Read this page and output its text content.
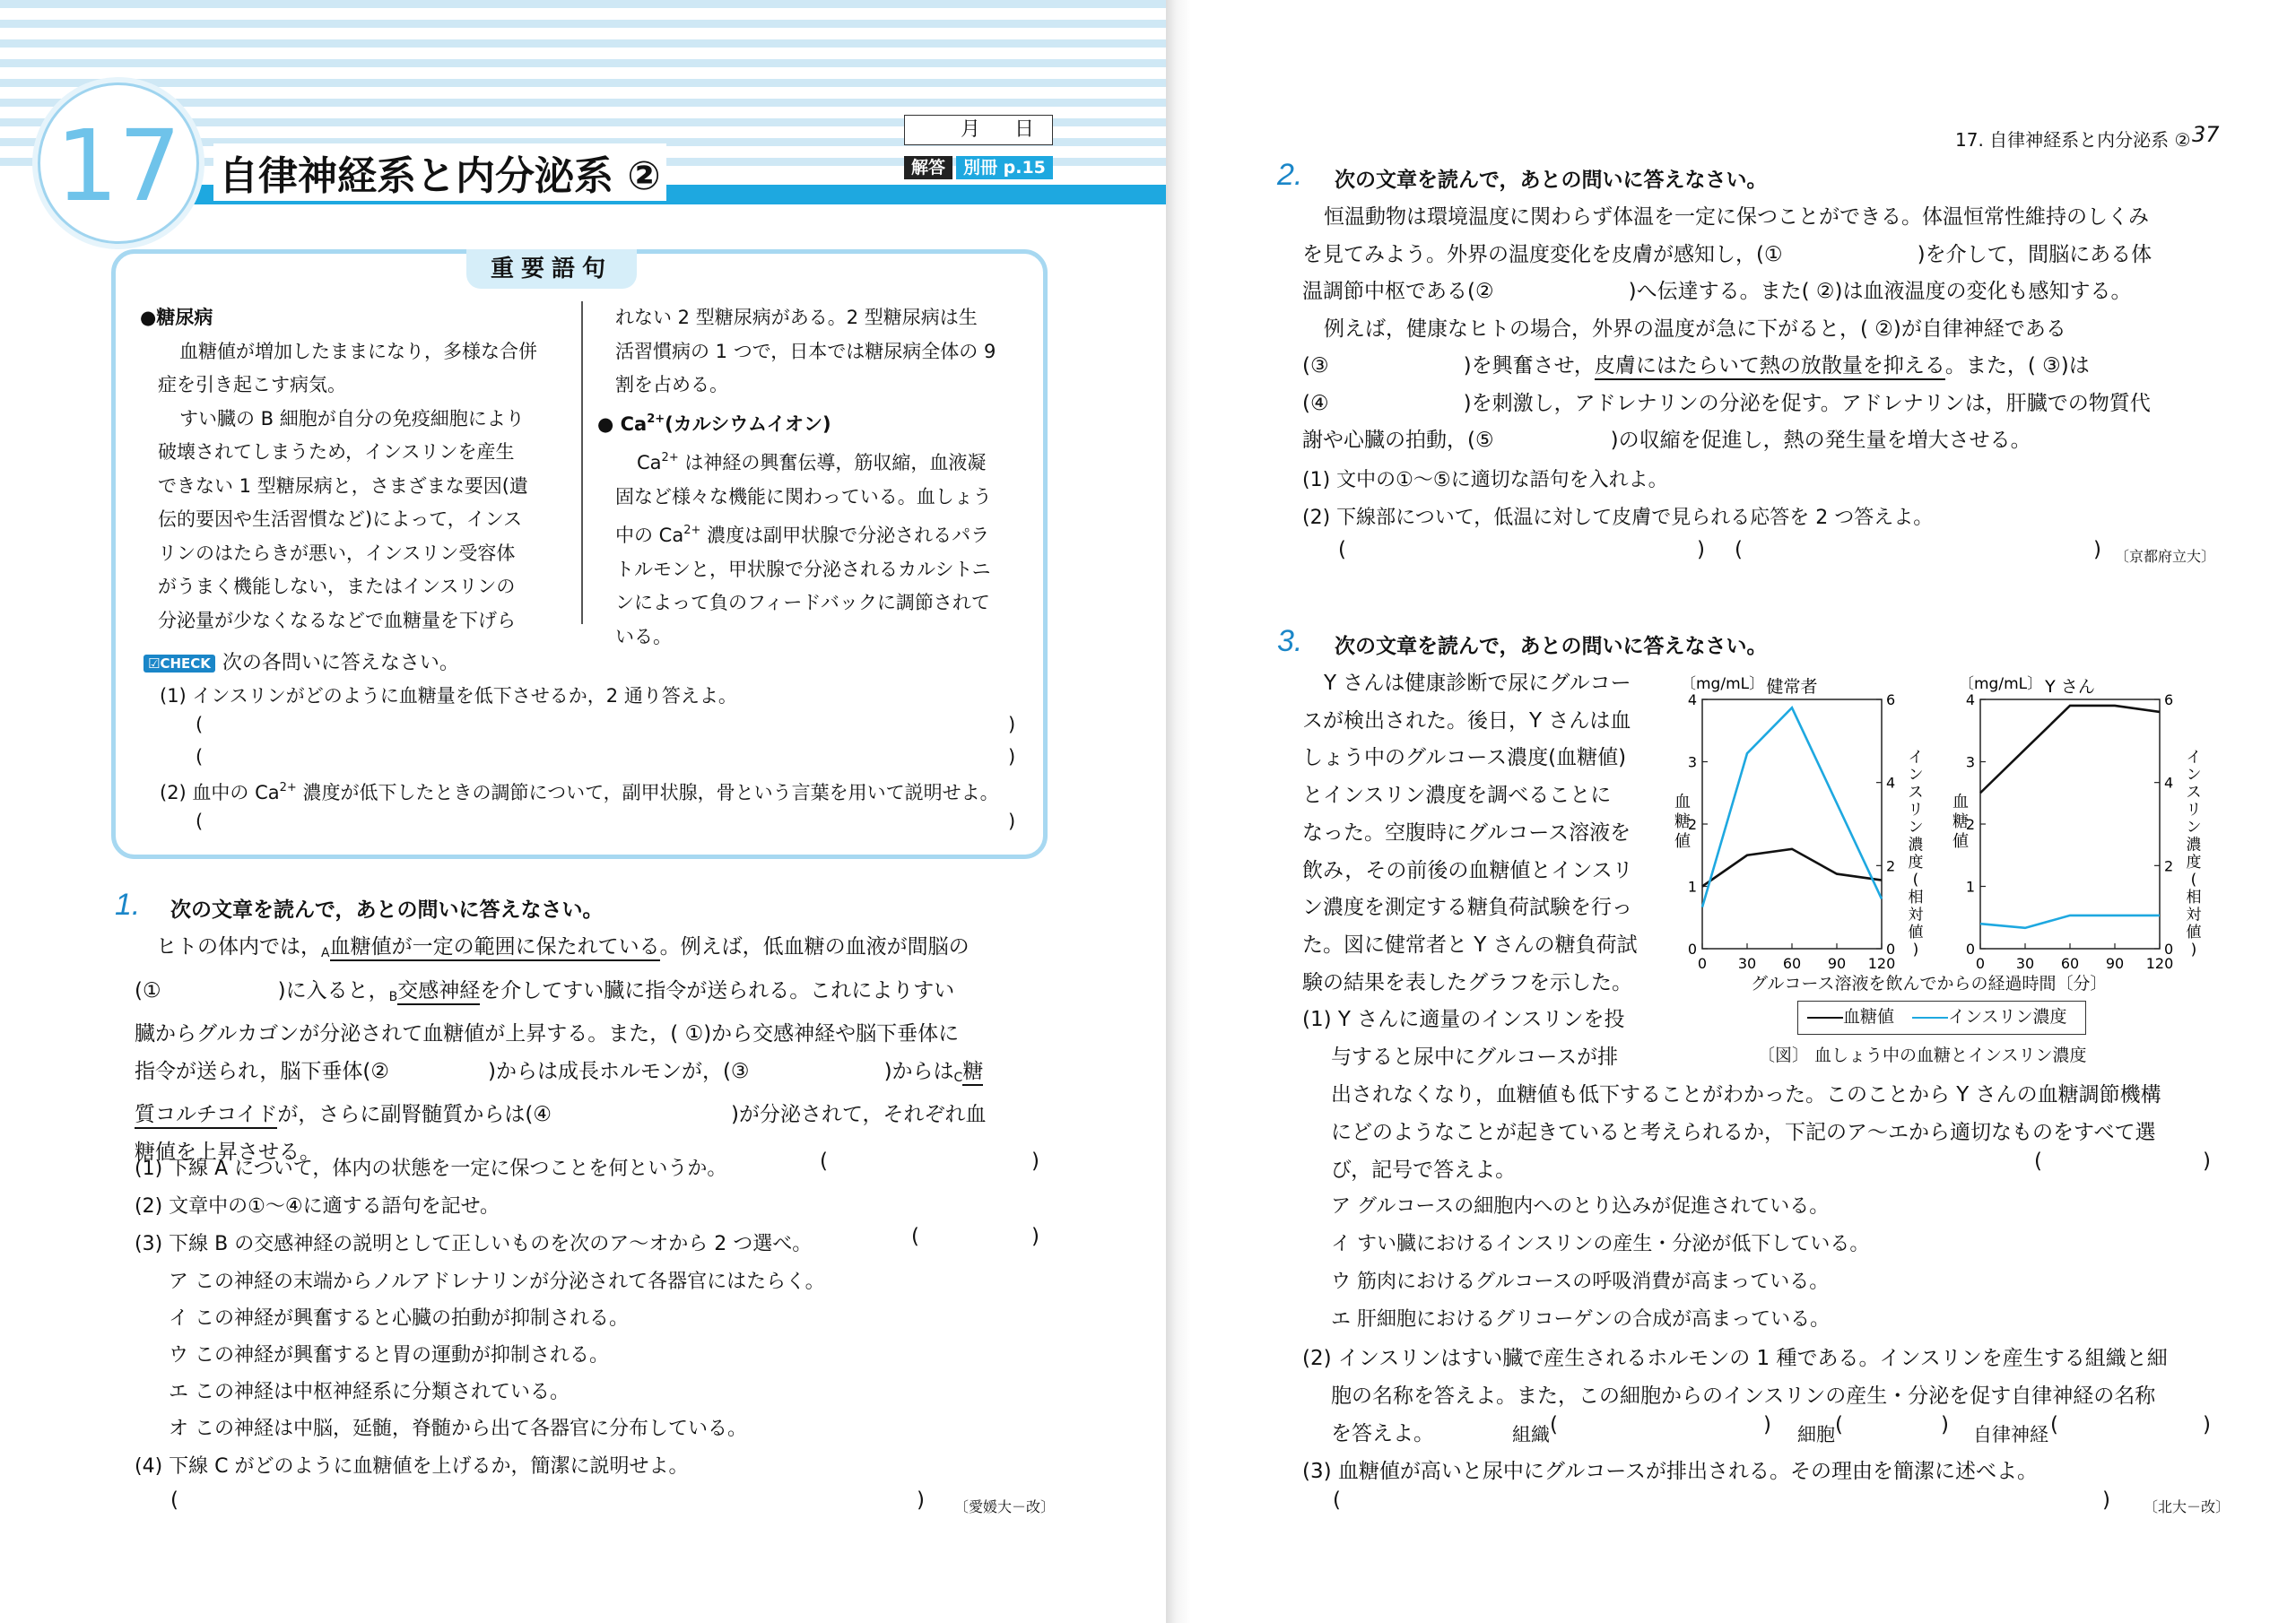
17 自律神経系と内分泌系 ②
月 日
解答 別冊 p.15
重要語句
●糖尿病
血糖値が増加したままになり，多様な合併
症を引き起こす病気。
すい臓の B 細胞が自分の免疫細胞により
破壊されてしまうため，インスリンを産生
できない 1 型糖尿病と，さまざまな要因(遺
伝的要因や生活習慣など)によって，インス
リンのはたらきが悪い，インスリン受容体
がうまく機能しない，またはインスリンの
分泌量が少なくなるなどで血糖量を下げら
れない 2 型糖尿病がある。2 型糖尿病は生
活習慣病の 1 つで，日本では糖尿病全体の 9
割を占める。
● $Ca^{2+}$(カルシウムイオン)
$Ca^{2+}$ は神経の興奮伝導，筋収縮，血液凝
固など様々な機能に関わっている。血しょう
中の $Ca^{2+}$ 濃度は副甲状腺で分泌されるパラ
トルモンと，甲状腺で分泌されるカルシトニ
ンによって負のフィードバックに調節されて
いる。
☑CHECK 次の各問いに答えなさい。
(1) インスリンがどのように血糖量を低下させるか，2 通り答えよ。
(	)
(	)
(2) 血中の $Ca^{2+}$ 濃度が低下したときの調節について，副甲状腺，骨という言葉を用いて説明せよ。
(	)
1. 次の文章を読んで，あとの問いに答えなさい。
ヒトの体内では，$_A$血糖値が一定の範囲に保たれている。例えば，低血糖の血液が間脳の
(①	)に入ると，$_B$交感神経を介してすい臓に指令が送られる。これによりすい
臓からグルカゴンが分泌されて血糖値が上昇する。また，( ①)から交感神経や脳下垂体に
指令が送られ，脳下垂体(②	)からは成長ホルモンが，(③	)からは$_C$糖
質コルチコイドが，さらに副腎髄質からは(④	)が分泌されて，それぞれ血
糖値を上昇させる。
(1) 下線 A について，体内の状態を一定に保つことを何というか。	(	)
(2) 文章中の①～④に適する語句を記せ。
(3) 下線 B の交感神経の説明として正しいものを次のア～オから 2 つ選べ。	(	)
ア この神経の末端からノルアドレナリンが分泌されて各器官にはたらく。
イ この神経が興奮すると心臓の拍動が抑制される。
ウ この神経が興奮すると胃の運動が抑制される。
エ この神経は中枢神経系に分類されている。
オ この神経は中脳，延髄，脊髄から出て各器官に分布している。
(4) 下線 C がどのように血糖値を上げるか，簡潔に説明せよ。
(	) 〔愛媛大－改〕
17. 自律神経系と内分泌系 ② 37
2. 次の文章を読んで，あとの問いに答えなさい。
恒温動物は環境温度に関わらず体温を一定に保つことができる。体温恒常性維持のしくみ
を見てみよう。外界の温度変化を皮膚が感知し，(①	)を介して，間脳にある体
温調節中枢である(②	)へ伝達する。また( ②)は血液温度の変化も感知する。
例えば，健康なヒトの場合，外界の温度が急に下がると，( ②)が自律神経である
(③	)を興奮させ，皮膚にはたらいて熱の放散量を抑える。また，( ③)は
(④	)を刺激し，アドレナリンの分泌を促す。アドレナリンは，肝臓での物質代
謝や心臓の拍動，(⑤	)の収縮を促進し，熱の発生量を増大させる。
(1) 文中の①～⑤に適切な語句を入れよ。
(2) 下線部について，低温に対して皮膚で見られる応答を 2 つ答えよ。
(	) (	) 〔京都府立大〕
3. 次の文章を読んで，あとの問いに答えなさい。
Y さんは健康診断で尿にグルコー
スが検出された。後日，Y さんは血
しょう中のグルコース濃度(血糖値)
とインスリン濃度を調べることに
なった。空腹時にグルコース溶液を
飲み，その前後の血糖値とインスリ
ン濃度を測定する糖負荷試験を行っ
た。図に健常者と Y さんの糖負荷試
験の結果を表したグラフを示した。
〔mg/mL〕 健常者
0
1
2
3
4
0
2
4
6
0 30 60 90 120
血
糖
値
イ
ン
ス
リ
ン
濃
度
(
相
対
値
)
〔mg/mL〕 Y さん
0
1
2
3
4
0
2
4
6
0 30 60 90 120
血
糖
値
イ
ン
ス
リ
ン
濃
度
(
相
対
値
)
グルコース溶液を飲んでからの経過時間〔分〕
血糖値	インスリン濃度
〔図〕 血しょう中の血糖とインスリン濃度
(1) Y さんに適量のインスリンを投
与すると尿中にグルコースが排
出されなくなり，血糖値も低下することがわかった。このことから Y さんの血糖調節機構
にどのようなことが起きていると考えられるか，下記のア～エから適切なものをすべて選
び，記号で答えよ。	(	)
ア グルコースの細胞内へのとり込みが促進されている。
イ すい臓におけるインスリンの産生・分泌が低下している。
ウ 筋肉におけるグルコースの呼吸消費が高まっている。
エ 肝細胞におけるグリコーゲンの合成が高まっている。
(2) インスリンはすい臓で産生されるホルモンの 1 種である。インスリンを産生する組織と細
胞の名称を答えよ。また，この細胞からのインスリンの産生・分泌を促す自律神経の名称
を答えよ。	組織 (	) 細胞 (	) 自律神経 (	)
(3) 血糖値が高いと尿中にグルコースが排出される。その理由を簡潔に述べよ。
(	) 〔北大－改〕
